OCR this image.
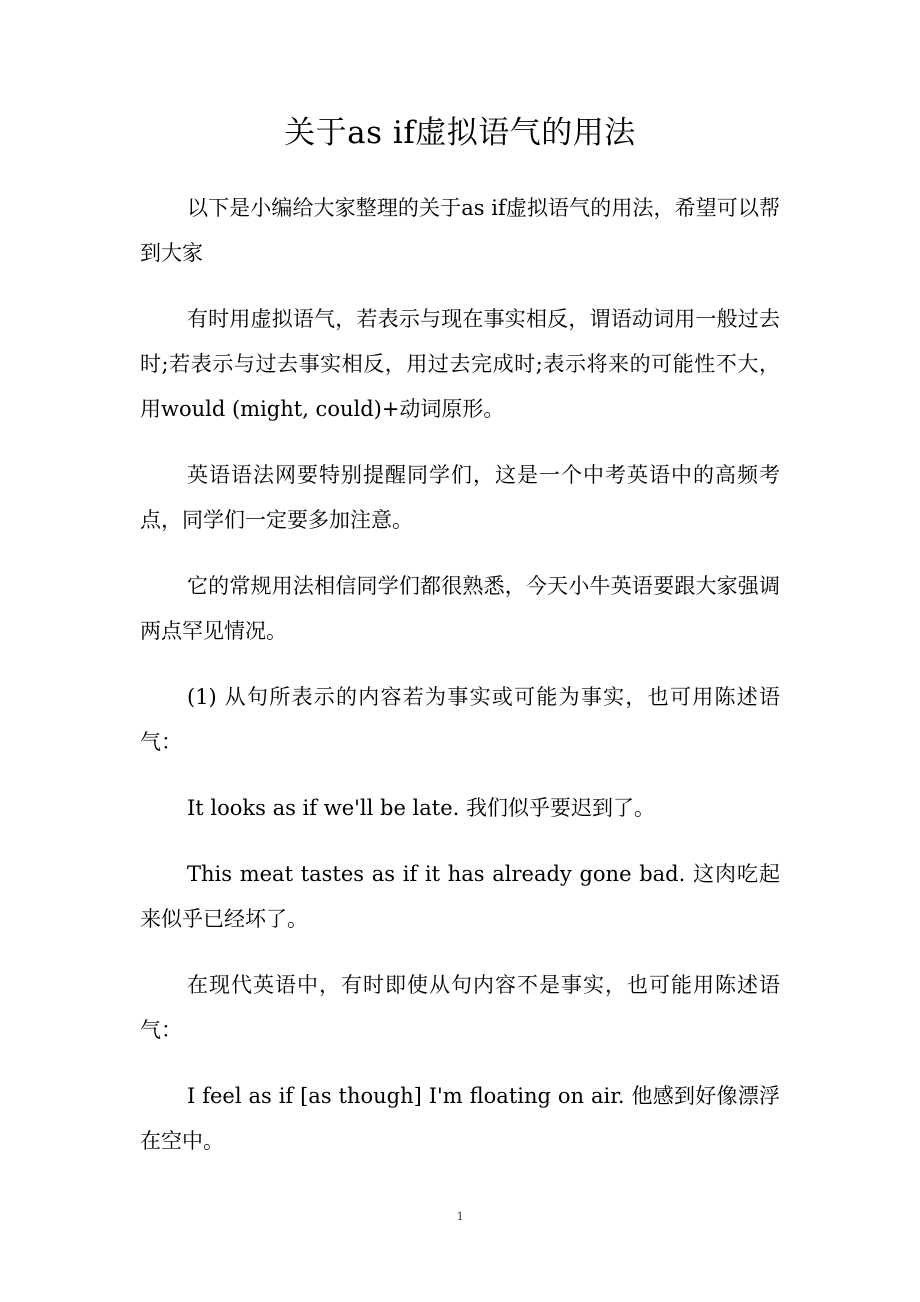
关于as if虚拟语气的用法

以下是小编给大家整理的关于as if虚拟语气的用法，希望可以帮到大家

有时用虚拟语气，若表示与现在事实相反，谓语动词用一般过去时;若表示与过去事实相反，用过去完成时;表示将来的可能性不大，用would (might, could)+动词原形。

英语语法网要特别提醒同学们，这是一个中考英语中的高频考点，同学们一定要多加注意。

它的常规用法相信同学们都很熟悉，今天小牛英语要跟大家强调两点罕见情况。

(1) 从句所表示的内容若为事实或可能为事实，也可用陈述语气：

It looks as if we'll be late. 我们似乎要迟到了。

This meat tastes as if it has already gone bad. 这肉吃起来似乎已经坏了。

在现代英语中，有时即使从句内容不是事实，也可能用陈述语气：

I feel as if [as though] I'm floating on air. 他感到好像漂浮在空中。

1
